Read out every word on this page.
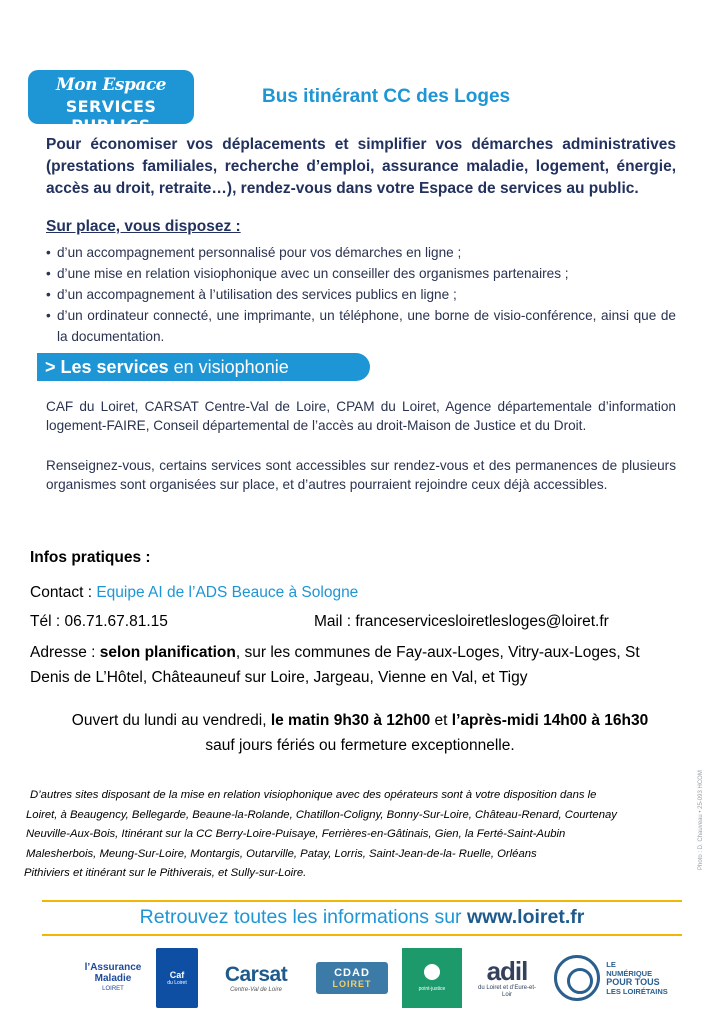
Mon Espace
SERVICES PUBLICS
Bus itinérant CC des Loges
Pour économiser vos déplacements et simplifier vos démarches administratives (prestations familiales, recherche d’emploi, assurance maladie, logement, énergie, accès au droit, retraite…), rendez-vous dans votre Espace de services au public.
Sur place, vous disposez :
• d’un accompagnement personnalisé pour vos démarches en ligne ;
• d’une mise en relation visiophonique avec un conseiller des organismes partenaires ;
• d’un accompagnement à l’utilisation des services publics en ligne ;
• d’un ordinateur connecté, une imprimante, un téléphone, une borne de visio-conférence, ainsi que de la documentation.
> Les services en visiophonie
CAF du Loiret, CARSAT Centre-Val de Loire, CPAM du Loiret, Agence départementale d’information logement-FAIRE, Conseil départemental de l’accès au droit-Maison de Justice et du Droit.
Renseignez-vous, certains services sont accessibles sur rendez-vous et des permanences de plusieurs organismes sont organisées sur place, et d’autres pourraient rejoindre ceux déjà accessibles.
Infos pratiques :
Contact : Equipe AI de l’ADS Beauce à Sologne
Tél : 06.71.67.81.15	Mail : franceservicesloiretlesloges@loiret.fr
Adresse : selon planification, sur les communes de Fay-aux-Loges, Vitry-aux-Loges, St Denis de L’Hôtel, Châteauneuf sur Loire, Jargeau, Vienne en Val, et Tigy
Ouvert du lundi au vendredi, le matin 9h30 à 12h00 et l’après-midi 14h00 à 16h30
sauf jours fériés ou fermeture exceptionnelle.
D’autres sites disposant de la mise en relation visiophonique avec des opérateurs sont à votre disposition dans le
Loiret, à Beaugency, Bellegarde, Beaune-la-Rolande, Chatillon-Coligny, Bonny-Sur-Loire, Château-Renard, Courtenay
Neuville-Aux-Bois, Itinérant sur la CC Berry-Loire-Puisaye, Ferrières-en-Gâtinais, Gien, la Ferté-Saint-Aubin
Malesherbois, Meung-Sur-Loire, Montargis, Outarville, Patay, Lorris, Saint-Jean-de-la- Ruelle, Orléans
Pithiviers et itinérant sur le Pithiverais, et Sully-sur-Loire.
Photo : D. Chauveau • 25-093 HCOM
Retrouvez toutes les informations sur www.loiret.fr
l’Assurance
Maladie
LOIRET
Caf
du Loiret Carsat
Centre-Val de Loire
CDAD
LOIRET	point-justice
adil
du Loiret et d’Eure-et-Loir
LE
NUMÉRIQUE
POUR TOUS
LES LOIRÉTAINS
